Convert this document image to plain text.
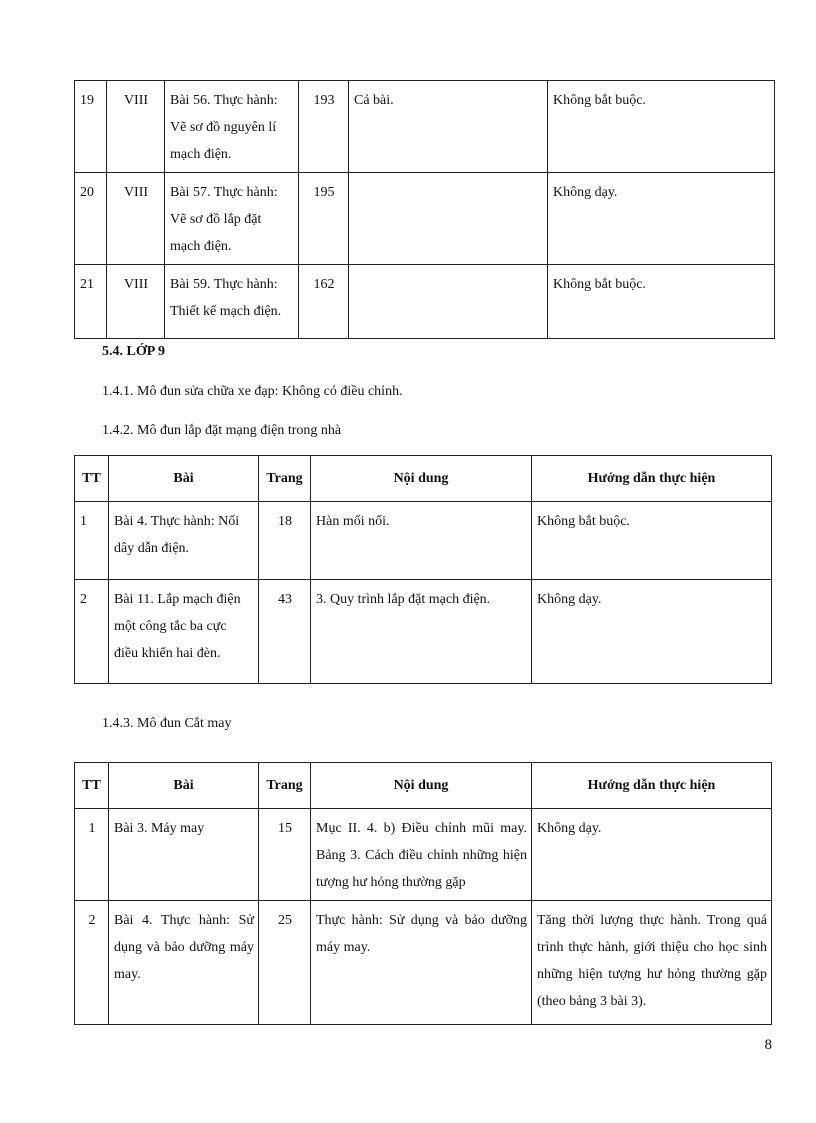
19	VIII	Bài 56. Thực hành: Vẽ sơ đồ nguyên lí mạch điện.	193	Cả bài.	Không bắt buộc.
20	VIII	Bài 57. Thực hành: Vẽ sơ đồ lắp đặt mạch điện.	195		Không dạy.
21	VIII	Bài 59. Thực hành: Thiết kế mạch điện.	162		Không bắt buộc.
5.4. LỚP 9
1.4.1. Mô đun sửa chữa xe đạp: Không có điều chỉnh.
1.4.2. Mô đun lắp đặt mạng điện trong nhà
TT	Bài	Trang	Nội dung	Hướng dẫn thực hiện
1	Bài 4. Thực hành: Nối dây dẫn điện.	18	Hàn mối nối.	Không bắt buộc.
2	Bài 11. Lắp mạch điện một công tắc ba cực điều khiển hai đèn.	43	3. Quy trình lắp đặt mạch điện.	Không dạy.
1.4.3. Mô đun Cắt may
TT	Bài	Trang	Nội dung	Hướng dẫn thực hiện
1	Bài 3. Máy may	15	Mục II. 4. b) Điều chỉnh mũi may. Bảng 3. Cách điều chỉnh những hiện tượng hư hỏng thường gặp	Không dạy.
2	Bài 4. Thực hành: Sử dụng và bảo dưỡng máy may.	25	Thực hành: Sử dụng và bảo dưỡng máy may.	Tăng thời lượng thực hành. Trong quá trình thực hành, giới thiệu cho học sinh những hiện tượng hư hỏng thường gặp (theo bảng 3 bài 3).
8
